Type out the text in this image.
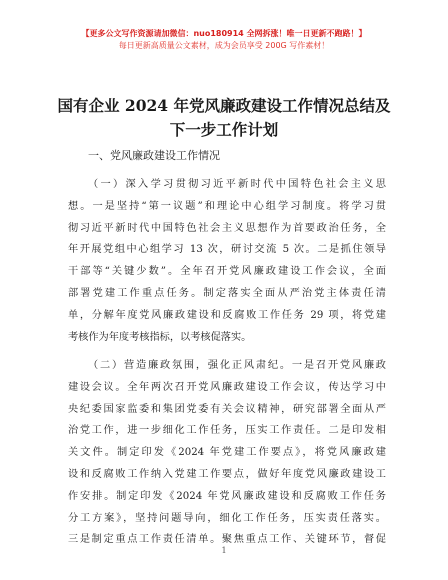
【更多公文写作资源请加微信：nuo180914 全网拆涨！唯一日更新不跑路！】
每日更新高质量公文素材，成为会员享受 200G 写作素材！
国有企业 2024 年党风廉政建设工作情况总结及
下一步工作计划
一、党风廉政建设工作情况
（一）深入学习贯彻习近平新时代中国特色社会主义思
想。一是坚持“第一议题”和理论中心组学习制度。将学习贯
彻习近平新时代中国特色社会主义思想作为首要政治任务，全
年开展党组中心组学习 13 次，研讨交流 5 次。二是抓住领导
干部等“关键少数”。全年召开党风廉政建设工作会议，全面
部署党建工作重点任务。制定落实全面从严治党主体责任清
单，分解年度党风廉政建设和反腐败工作任务 29 项，将党建
考核作为年度考核指标，以考核促落实。
（二）营造廉政氛围，强化正风肃纪。一是召开党风廉政
建设会议。全年两次召开党风廉政建设工作会议，传达学习中
央纪委国家监委和集团党委有关会议精神，研究部署全面从严
治党工作，进一步细化工作任务，压实工作责任。二是印发相
关文件。制定印发《2024 年党建工作要点》，将党风廉政建
设和反腐败工作纳入党建工作要点，做好年度党风廉政建设工
作安排。制定印发《2024 年党风廉政建设和反腐败工作任务
分工方案》，坚持问题导向，细化工作任务，压实责任落实。
三是制定重点工作责任清单。聚焦重点工作、关键环节，督促
1
